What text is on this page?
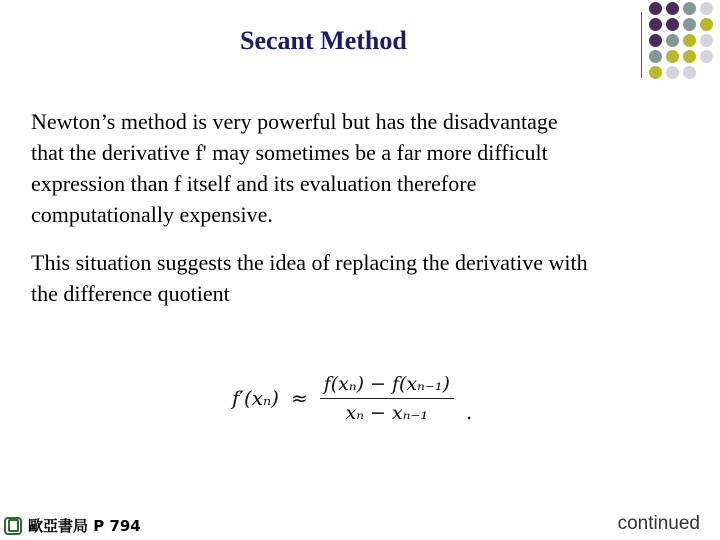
Secant Method
Newton’s method is very powerful but has the disadvantage
that the derivative f' may sometimes be a far more difficult
expression than f itself and its evaluation therefore
computationally expensive.
This situation suggests the idea of replacing the derivative with
the difference quotient
$f'(x_n) \approx \frac{\text{f(xₙ) − f(xₙ₋₁)}}{\text{xₙ − xₙ₋₁}}$ .
歐亞書局 P 794	continued
